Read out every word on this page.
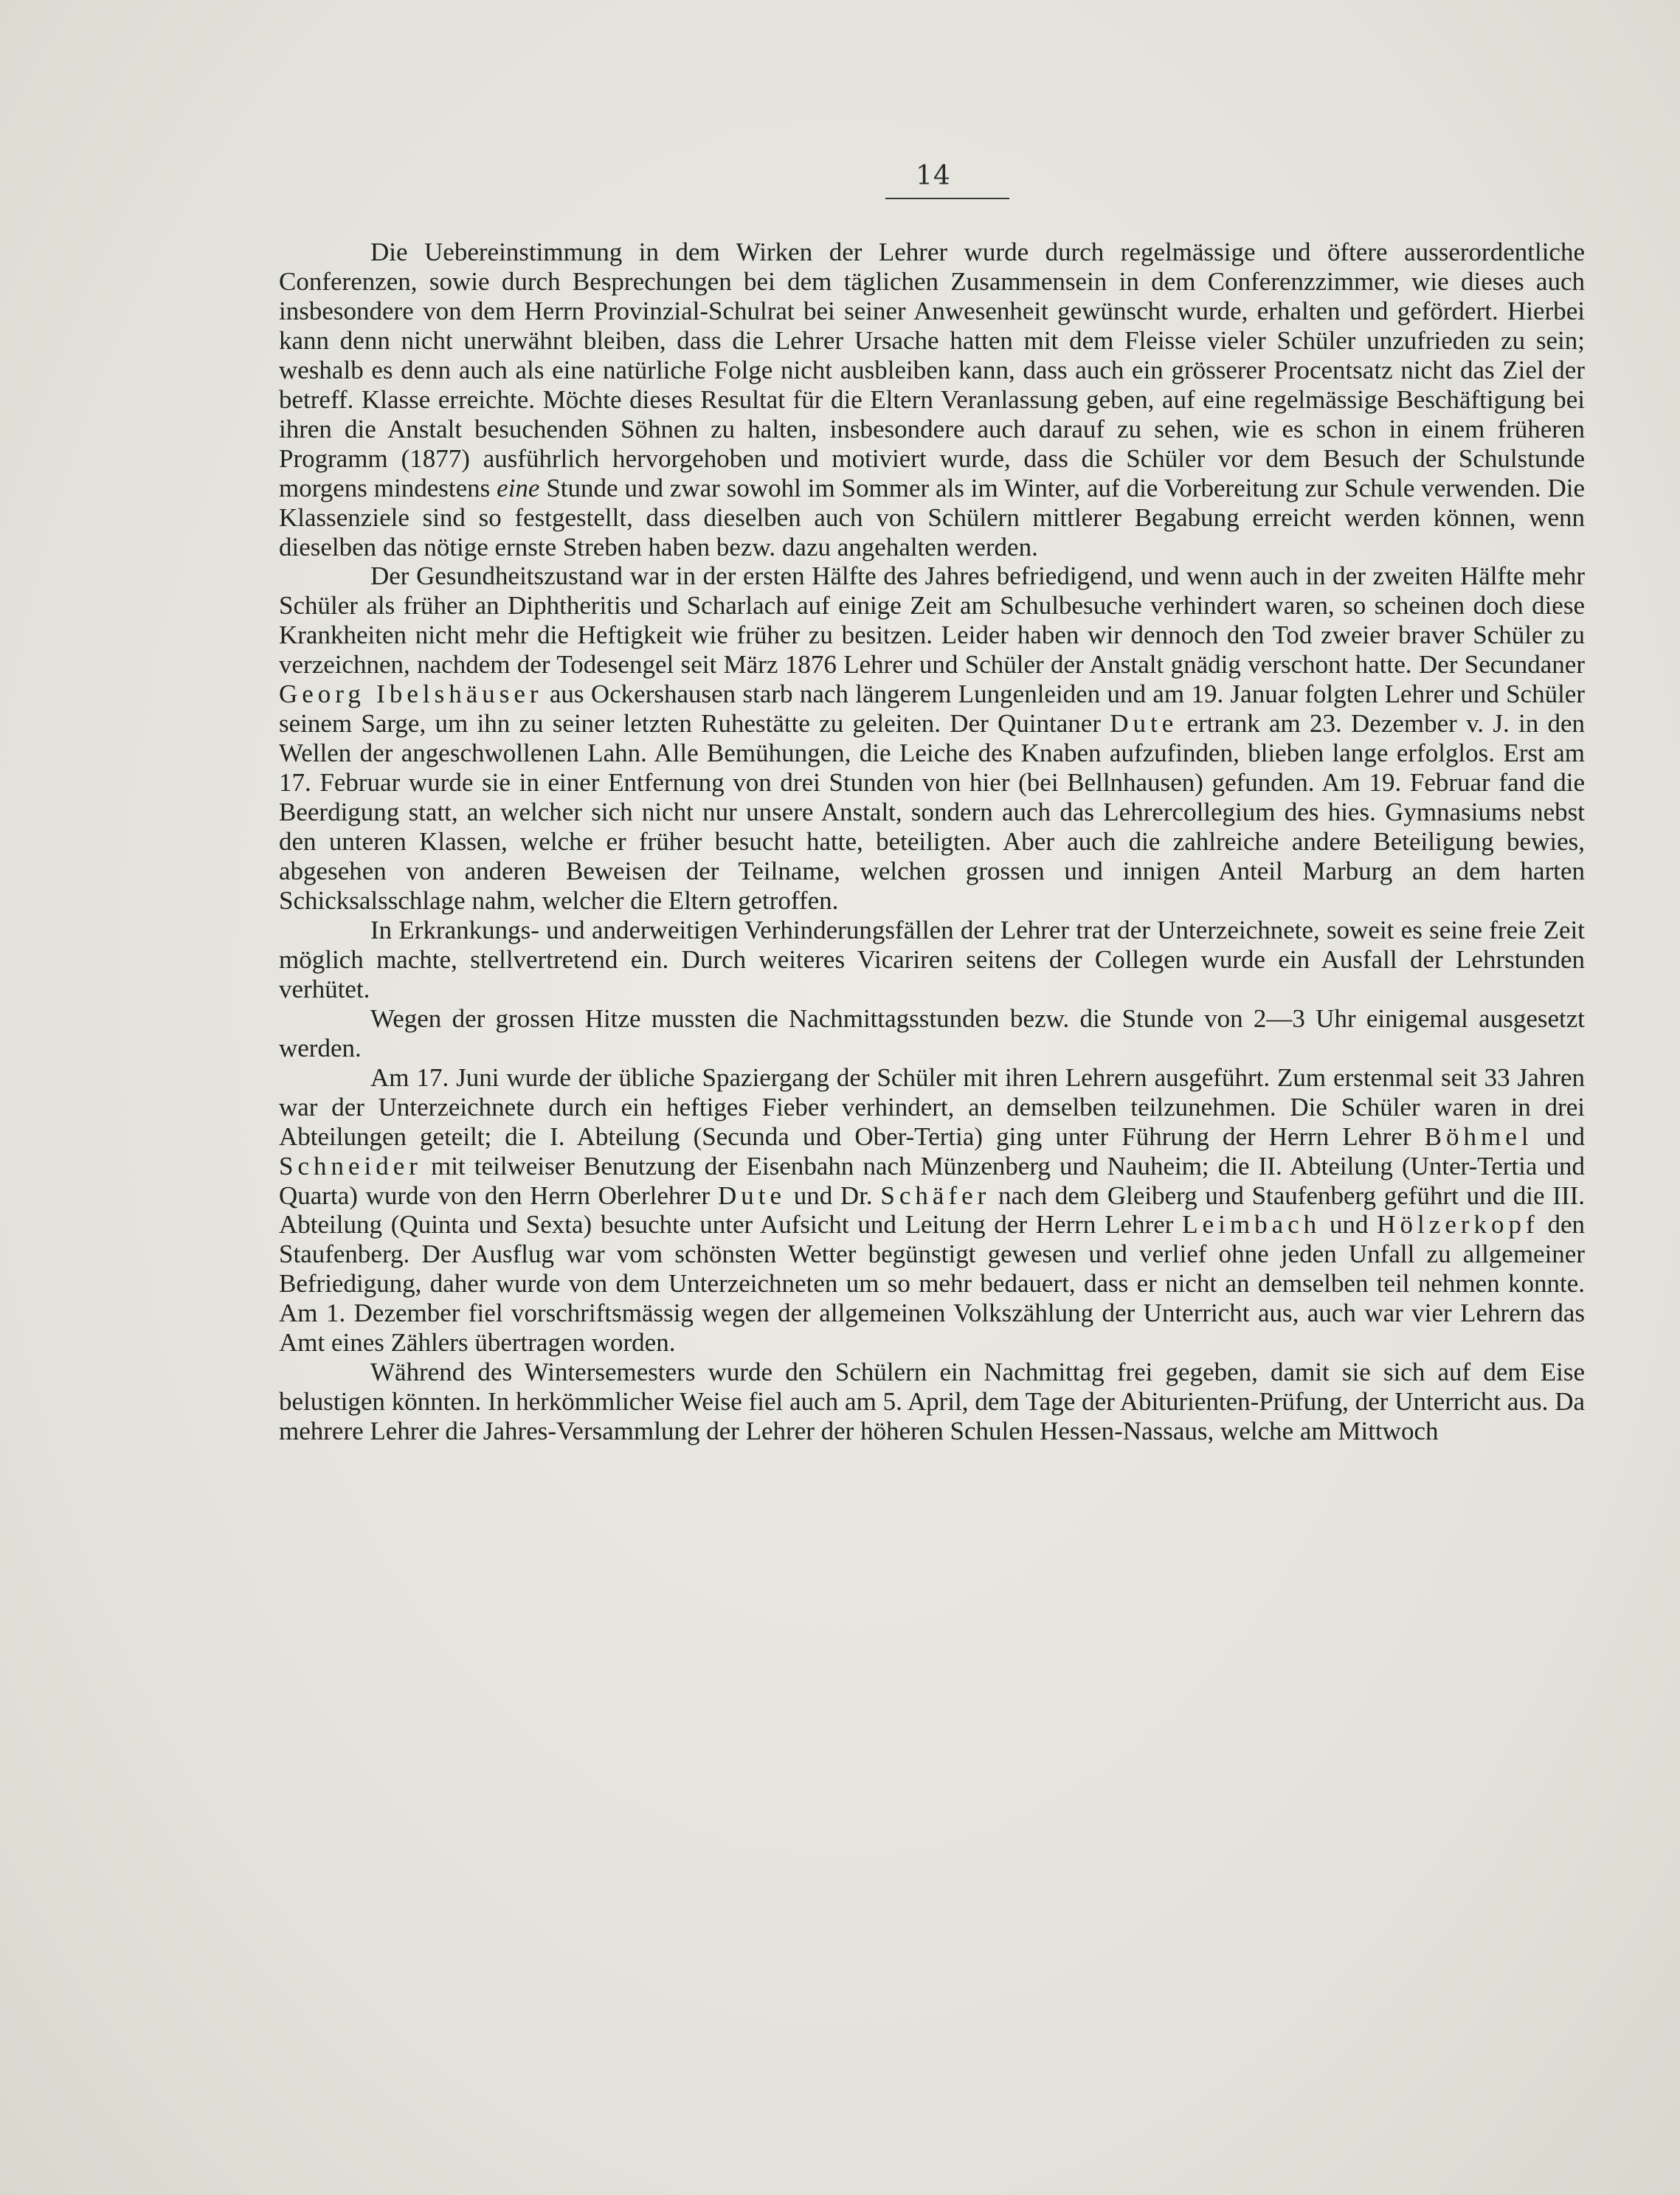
14

Die Uebereinstimmung in dem Wirken der Lehrer wurde durch regelmässige und öftere ausserordentliche Conferenzen, sowie durch Besprechungen bei dem täglichen Zusammensein in dem Conferenzzimmer, wie dieses auch insbesondere von dem Herrn Provinzial-Schulrat bei seiner Anwesenheit gewünscht wurde, erhalten und gefördert. Hierbei kann denn nicht unerwähnt bleiben, dass die Lehrer Ursache hatten mit dem Fleisse vieler Schüler unzufrieden zu sein; weshalb es denn auch als eine natürliche Folge nicht ausbleiben kann, dass auch ein grösserer Procentsatz nicht das Ziel der betreff. Klasse erreichte. Möchte dieses Resultat für die Eltern Veranlassung geben, auf eine regelmässige Beschäftigung bei ihren die Anstalt besuchenden Söhnen zu halten, insbesondere auch darauf zu sehen, wie es schon in einem früheren Programm (1877) ausführlich hervorgehoben und motiviert wurde, dass die Schüler vor dem Besuch der Schulstunde morgens mindestens eine Stunde und zwar sowohl im Sommer als im Winter, auf die Vorbereitung zur Schule verwenden. Die Klassenziele sind so festgestellt, dass dieselben auch von Schülern mittlerer Begabung erreicht werden können, wenn dieselben das nötige ernste Streben haben bezw. dazu angehalten werden.

Der Gesundheitszustand war in der ersten Hälfte des Jahres befriedigend, und wenn auch in der zweiten Hälfte mehr Schüler als früher an Diphtheritis und Scharlach auf einige Zeit am Schulbesuche verhindert waren, so scheinen doch diese Krankheiten nicht mehr die Heftigkeit wie früher zu besitzen. Leider haben wir dennoch den Tod zweier braver Schüler zu verzeichnen, nachdem der Todesengel seit März 1876 Lehrer und Schüler der Anstalt gnädig verschont hatte. Der Secundaner Georg Ibelshäuser aus Ockershausen starb nach längerem Lungenleiden und am 19. Januar folgten Lehrer und Schüler seinem Sarge, um ihn zu seiner letzten Ruhestätte zu geleiten. Der Quintaner Dute ertrank am 23. Dezember v. J. in den Wellen der angeschwollenen Lahn. Alle Bemühungen, die Leiche des Knaben aufzufinden, blieben lange erfolglos. Erst am 17. Februar wurde sie in einer Entfernung von drei Stunden von hier (bei Bellnhausen) gefunden. Am 19. Februar fand die Beerdigung statt, an welcher sich nicht nur unsere Anstalt, sondern auch das Lehrercollegium des hies. Gymnasiums nebst den unteren Klassen, welche er früher besucht hatte, beteiligten. Aber auch die zahlreiche andere Beteiligung bewies, abgesehen von anderen Beweisen der Teilname, welchen grossen und innigen Anteil Marburg an dem harten Schicksalsschlage nahm, welcher die Eltern getroffen.

In Erkrankungs- und anderweitigen Verhinderungsfällen der Lehrer trat der Unterzeichnete, soweit es seine freie Zeit möglich machte, stellvertretend ein. Durch weiteres Vicariren seitens der Collegen wurde ein Ausfall der Lehrstunden verhütet.

Wegen der grossen Hitze mussten die Nachmittagsstunden bezw. die Stunde von 2—3 Uhr einigemal ausgesetzt werden.

Am 17. Juni wurde der übliche Spaziergang der Schüler mit ihren Lehrern ausgeführt. Zum erstenmal seit 33 Jahren war der Unterzeichnete durch ein heftiges Fieber verhindert, an demselben teilzunehmen. Die Schüler waren in drei Abteilungen geteilt; die I. Abteilung (Secunda und Ober-Tertia) ging unter Führung der Herrn Lehrer Böhmel und Schneider mit teilweiser Benutzung der Eisenbahn nach Münzenberg und Nauheim; die II. Abteilung (Unter-Tertia und Quarta) wurde von den Herrn Oberlehrer Dute und Dr. Schäfer nach dem Gleiberg und Staufenberg geführt und die III. Abteilung (Quinta und Sexta) besuchte unter Aufsicht und Leitung der Herrn Lehrer Leimbach und Hölzerkopf den Staufenberg. Der Ausflug war vom schönsten Wetter begünstigt gewesen und verlief ohne jeden Unfall zu allgemeiner Befriedigung, daher wurde von dem Unterzeichneten um so mehr bedauert, dass er nicht an demselben teil nehmen konnte. Am 1. Dezember fiel vorschriftsmässig wegen der allgemeinen Volkszählung der Unterricht aus, auch war vier Lehrern das Amt eines Zählers übertragen worden.

Während des Wintersemesters wurde den Schülern ein Nachmittag frei gegeben, damit sie sich auf dem Eise belustigen könnten. In herkömmlicher Weise fiel auch am 5. April, dem Tage der Abiturienten-Prüfung, der Unterricht aus. Da mehrere Lehrer die Jahres-Versammlung der Lehrer der höheren Schulen Hessen-Nassaus, welche am Mittwoch
